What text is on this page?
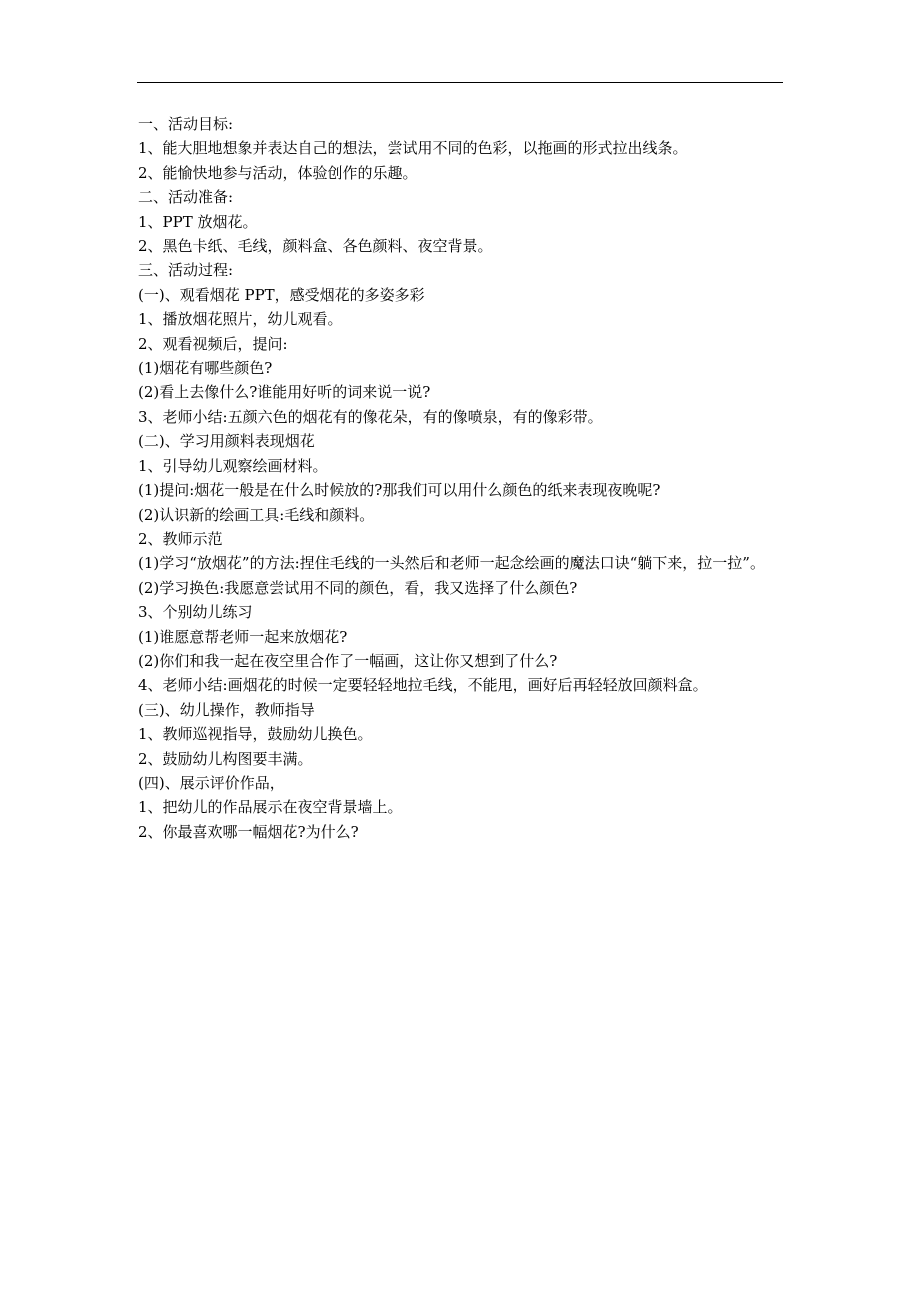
一、活动目标:

1、能大胆地想象并表达自己的想法，尝试用不同的色彩，以拖画的形式拉出线条。

2、能愉快地参与活动，体验创作的乐趣。

二、活动准备:

1、PPT 放烟花。

2、黑色卡纸、毛线，颜料盒、各色颜料、夜空背景。

三、活动过程:

(一)、观看烟花 PPT，感受烟花的多姿多彩

1、播放烟花照片，幼儿观看。

2、观看视频后，提问:

(1)烟花有哪些颜色?

(2)看上去像什么?谁能用好听的词来说一说?

3、老师小结:五颜六色的烟花有的像花朵，有的像喷泉，有的像彩带。

(二)、学习用颜料表现烟花

1、引导幼儿观察绘画材料。

(1)提问:烟花一般是在什么时候放的?那我们可以用什么颜色的纸来表现夜晚呢?

(2)认识新的绘画工具:毛线和颜料。

2、教师示范

(1)学习“放烟花”的方法:捏住毛线的一头然后和老师一起念绘画的魔法口诀“躺下来，拉一拉”。

(2)学习换色:我愿意尝试用不同的颜色，看，我又选择了什么颜色?

3、个别幼儿练习

(1)谁愿意帮老师一起来放烟花?

(2)你们和我一起在夜空里合作了一幅画，这让你又想到了什么?

4、老师小结:画烟花的时候一定要轻轻地拉毛线，不能甩，画好后再轻轻放回颜料盒。

(三)、幼儿操作，教师指导

1、教师巡视指导，鼓励幼儿换色。

2、鼓励幼儿构图要丰满。

(四)、展示评价作品，

1、把幼儿的作品展示在夜空背景墙上。

2、你最喜欢哪一幅烟花?为什么?
